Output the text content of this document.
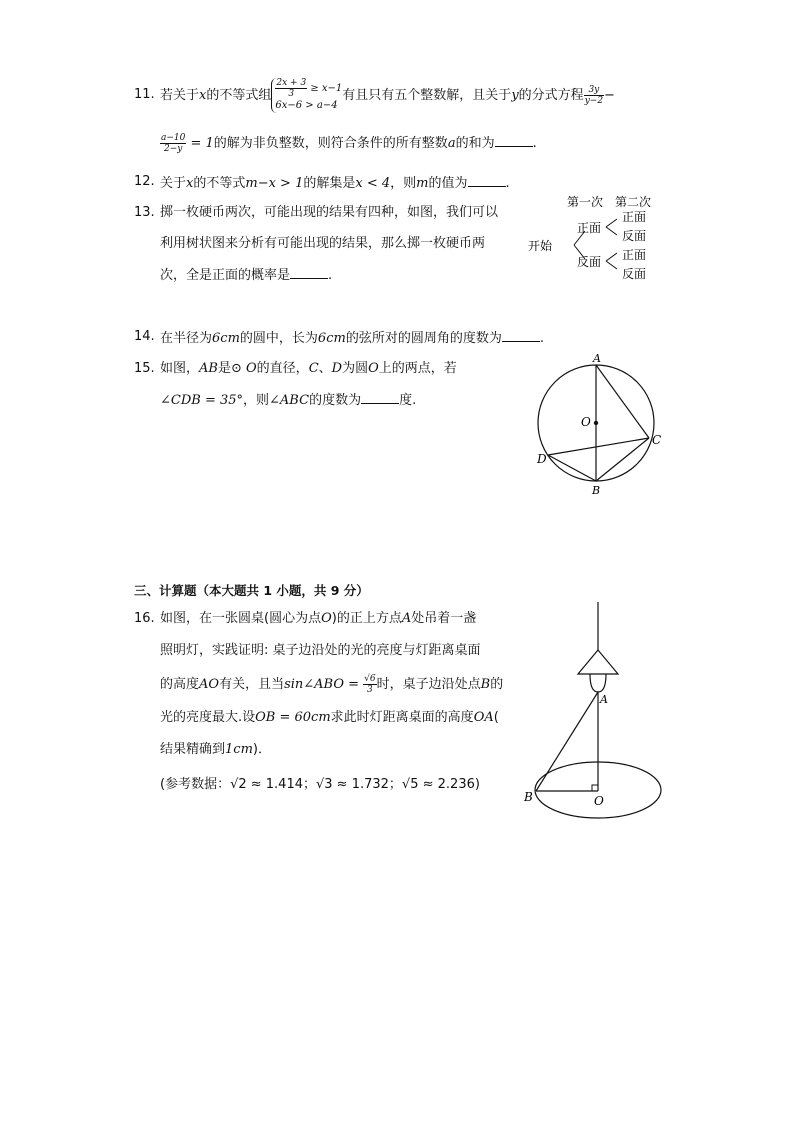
11. 若关于x的不等式组 $\frac{2x + 3}{3} \ge x-1$
6x−6 > a−4
有且只有五个整数解，且关于y的分式方程 $\frac{3y}{y-2}$ −
$\frac{a-10}{2-y} = 1$的解为非负整数，则符合条件的所有整数a的和为	.
12. 关于x的不等式m−x > 1的解集是x < 4，则m的值为	.
13. 掷一枚硬币两次，可能出现的结果有四种，如图，我们可以
利用树状图来分析有可能出现的结果，那么掷一枚硬币两
次，全是正面的概率是	.
第一次 第二次
开始
正面
反面
正面
反面
正面
反面
14. 在半径为6cm的圆中，长为6cm的弦所对的圆周角的度数为	.
15. 如图，AB是⊙ O的直径，C、D为圆O上的两点，若
∠CDB = 35°，则∠ABC的度数为	度.
A
B
C
D
O
三、计算题（本大题共 1 小题，共 9 分）
16. 如图，在一张圆桌(圆心为点O)的正上方点A处吊着一盏
照明灯，实践证明: 桌子边沿处的光的亮度与灯距离桌面
的高度AO有关，且当sin∠ABO = $\frac{√6}{3}$ 时，桌子边沿处点B的
光的亮度最大.设OB = 60cm求此时灯距离桌面的高度OA(
结果精确到1cm)．
(参考数据：√2 ≈ 1.414；√3 ≈ 1.732；√5 ≈ 2.236)
A
B	O
